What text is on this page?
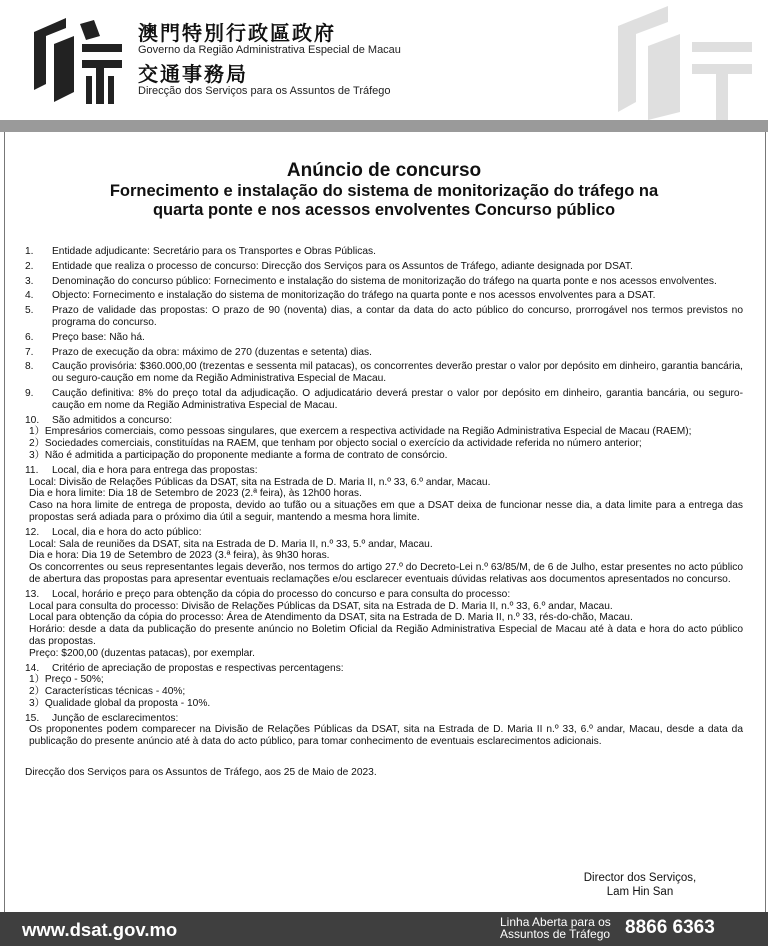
澳門特別行政區政府
Governo da Região Administrativa Especial de Macau
交通事務局
Direcção dos Serviços para os Assuntos de Tráfego
Anúncio de concurso
Fornecimento e instalação do sistema de monitorização do tráfego na
quarta ponte e nos acessos envolventes Concurso público
1.	Entidade adjudicante: Secretário para os Transportes e Obras Públicas.
2.	Entidade que realiza o processo de concurso: Direcção dos Serviços para os Assuntos de Tráfego, adiante designada por DSAT.
3.	Denominação do concurso público: Fornecimento e instalação do sistema de monitorização do tráfego na quarta ponte e nos acessos envolventes.
4.	Objecto: Fornecimento e instalação do sistema de monitorização do tráfego na quarta ponte e nos acessos envolventes para a DSAT.
5.	Prazo de validade das propostas: O prazo de 90 (noventa) dias, a contar da data do acto público do concurso, prorrogável nos termos previstos no programa do concurso.
6.	Preço base: Não há.
7.	Prazo de execução da obra: máximo de 270 (duzentas e setenta) dias.
8.	Caução provisória: $360.000,00 (trezentas e sessenta mil patacas), os concorrentes deverão prestar o valor por depósito em dinheiro, garantia bancária, ou seguro-caução em nome da Região Administrativa Especial de Macau.
9.	Caução definitiva: 8% do preço total da adjudicação. O adjudicatário deverá prestar o valor por depósito em dinheiro, garantia bancária, ou seguro-caução em nome da Região Administrativa Especial de Macau.
10.	São admitidos a concurso:
1）Empresários comerciais, como pessoas singulares, que exercem a respectiva actividade na Região Administrativa Especial de Macau (RAEM);
2）Sociedades comerciais, constituídas na RAEM, que tenham por objecto social o exercício da actividade referida no número anterior;
3）Não é admitida a participação do proponente mediante a forma de contrato de consórcio.
11.	Local, dia e hora para entrega das propostas:
Local: Divisão de Relações Públicas da DSAT, sita na Estrada de D. Maria II, n.º 33, 6.º andar, Macau.
Dia e hora limite: Dia 18 de Setembro de 2023 (2.ª feira), às 12h00 horas.
Caso na hora limite de entrega de proposta, devido ao tufão ou a situações em que a DSAT deixa de funcionar nesse dia, a data limite para a entrega das propostas será adiada para o próximo dia útil a seguir, mantendo a mesma hora limite.
12.	Local, dia e hora do acto público:
Local: Sala de reuniões da DSAT, sita na Estrada de D. Maria II, n.º 33, 5.º andar, Macau.
Dia e hora: Dia 19 de Setembro de 2023 (3.ª feira), às 9h30 horas.
Os concorrentes ou seus representantes legais deverão, nos termos do artigo 27.º do Decreto-Lei n.º 63/85/M, de 6 de Julho, estar presentes no acto público de abertura das propostas para apresentar eventuais reclamações e/ou esclarecer eventuais dúvidas relativas aos documentos apresentados no concurso.
13.	Local, horário e preço para obtenção da cópia do processo do concurso e para consulta do processo:
Local para consulta do processo: Divisão de Relações Públicas da DSAT, sita na Estrada de D. Maria II, n.º 33, 6.º andar, Macau.
Local para obtenção da cópia do processo: Área de Atendimento da DSAT, sita na Estrada de D. Maria II, n.º 33, rés-do-chão, Macau.
Horário: desde a data da publicação do presente anúncio no Boletim Oficial da Região Administrativa Especial de Macau até à data e hora do acto público das propostas.
Preço: $200,00 (duzentas patacas), por exemplar.
14.	Critério de apreciação de propostas e respectivas percentagens:
1）Preço - 50%;
2）Características técnicas - 40%;
3）Qualidade global da proposta - 10%.
15.	Junção de esclarecimentos:
Os proponentes podem comparecer na Divisão de Relações Públicas da DSAT, sita na Estrada de D. Maria II n.º 33, 6.º andar, Macau, desde a data da publicação do presente anúncio até à data do acto público, para tomar conhecimento de eventuais esclarecimentos adicionais.
Direcção dos Serviços para os Assuntos de Tráfego, aos 25 de Maio de 2023.
Director dos Serviços,
Lam Hin San
www.dsat.gov.mo	Linha Aberta para os
Assuntos de Tráfego 8866 6363
